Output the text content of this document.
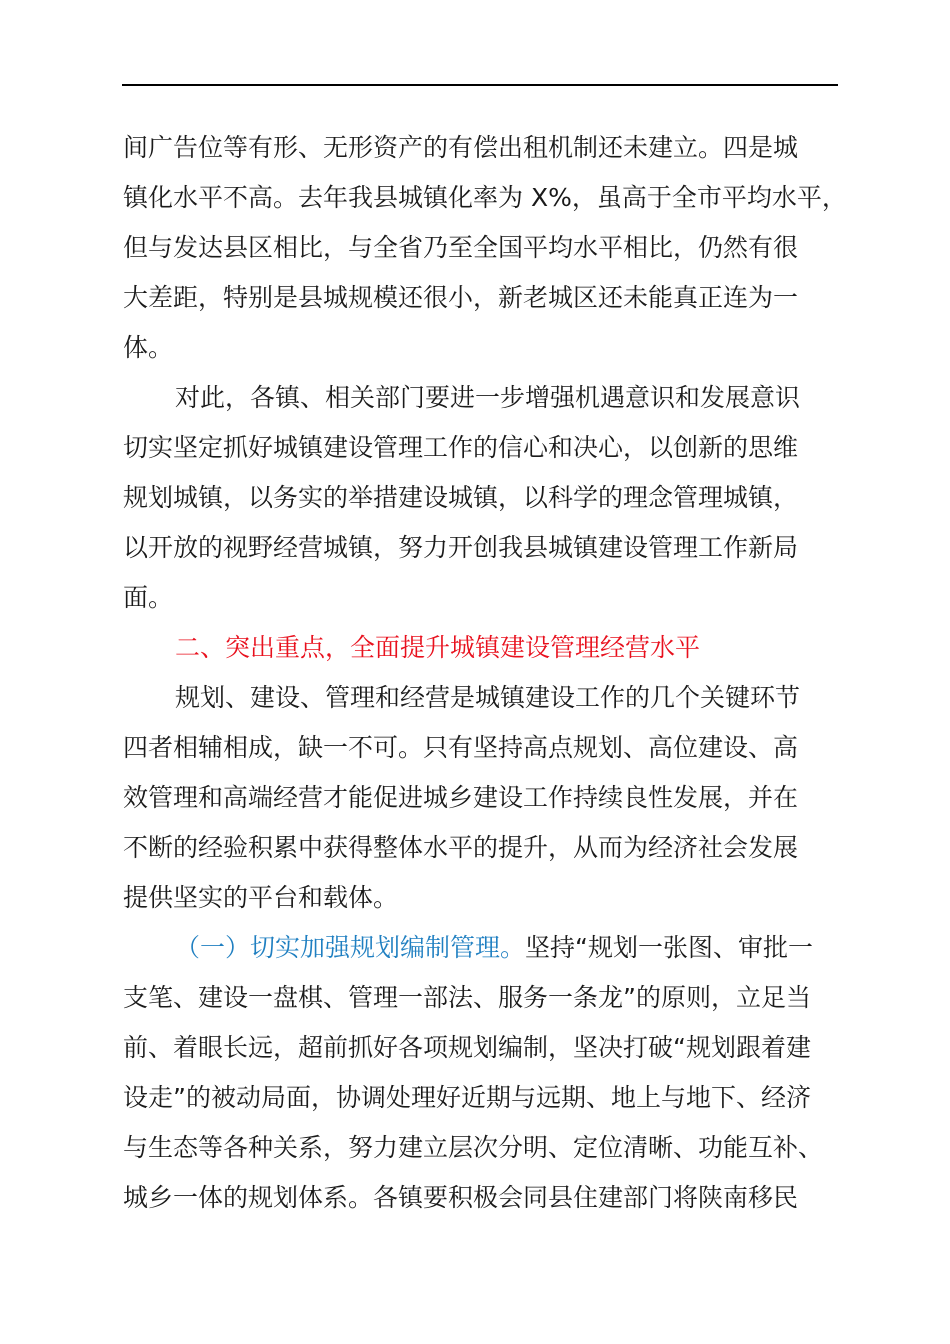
间广告位等有形、无形资产的有偿出租机制还未建立。四是城
镇化水平不高。去年我县城镇化率为 X%，虽高于全市平均水平，
但与发达县区相比，与全省乃至全国平均水平相比，仍然有很
大差距，特别是县城规模还很小，新老城区还未能真正连为一
体。
对此，各镇、相关部门要进一步增强机遇意识和发展意识
切实坚定抓好城镇建设管理工作的信心和决心，以创新的思维
规划城镇，以务实的举措建设城镇，以科学的理念管理城镇，
以开放的视野经营城镇，努力开创我县城镇建设管理工作新局
面。
二、突出重点，全面提升城镇建设管理经营水平
规划、建设、管理和经营是城镇建设工作的几个关键环节
四者相辅相成，缺一不可。只有坚持高点规划、高位建设、高
效管理和高端经营才能促进城乡建设工作持续良性发展，并在
不断的经验积累中获得整体水平的提升，从而为经济社会发展
提供坚实的平台和载体。
（一）切实加强规划编制管理。坚持“规划一张图、审批一
支笔、建设一盘棋、管理一部法、服务一条龙”的原则，立足当
前、着眼长远，超前抓好各项规划编制，坚决打破“规划跟着建
设走”的被动局面，协调处理好近期与远期、地上与地下、经济
与生态等各种关系，努力建立层次分明、定位清晰、功能互补、
城乡一体的规划体系。各镇要积极会同县住建部门将陕南移民
